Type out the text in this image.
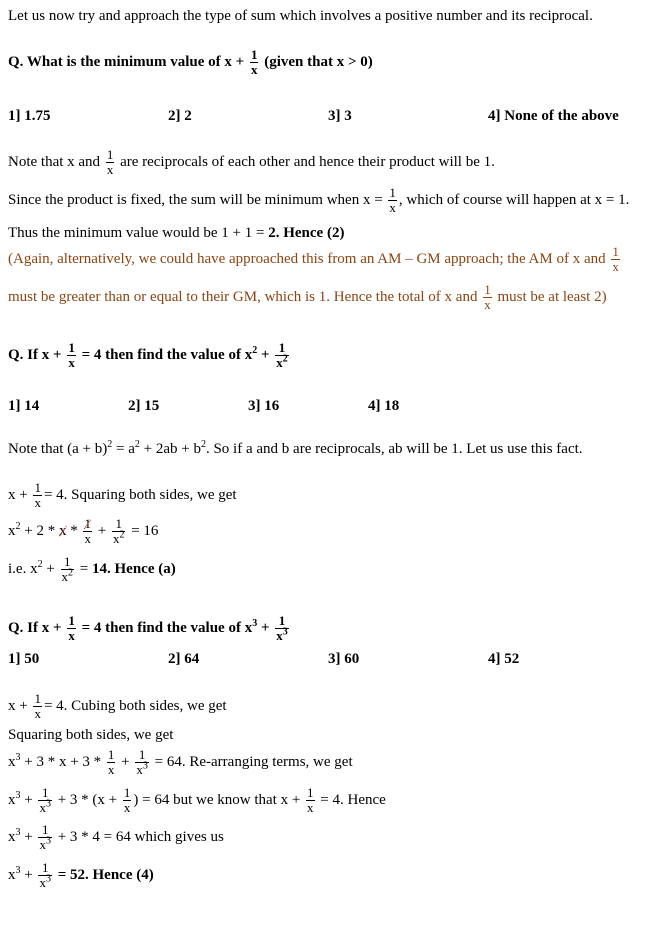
Let us now try and approach the type of sum which involves a positive number and its reciprocal.
Q. What is the minimum value of $x + \frac{1}{x}$ (given that x > 0)
1] 1.75	2] 2	3] 3	4] None of the above
Note that x and $\frac{1}{x}$ are reciprocals of each other and hence their product will be 1.
Since the product is fixed, the sum will be minimum when $x = \frac{1}{x}$ , which of course will happen at x = 1.
Thus the minimum value would be 1 + 1 = 2. Hence (2)
(Again, alternatively, we could have approached this from an AM – GM approach; the AM of x and $\frac{1}{x}$
must be greater than or equal to their GM, which is 1. Hence the total of x and $\frac{1}{x}$ must be at least 2)
Q. If $x + \frac{1}{x} = 4$ then find the value of $x^2 + \frac{1}{x^2}$
1] 14	2] 15	3] 16	4] 18
Note that $(a + b)^2 = a^2 + 2ab + b^2$. So if a and b are reciprocals, ab will be 1. Let us use this fact.
$x + \frac{1}{x} = 4$. Squaring both sides, we get
$x^2 + 2 * x * \frac{1}{x} + \frac{1}{x^2} = 16$
i.e. $x^2 + \frac{1}{x^2} = 14$. Hence (a)
Q. If $x + \frac{1}{x} = 4$ then find the value of $x^3 + \frac{1}{x^3}$
1] 50	2] 64	3] 60	4] 52
$x + \frac{1}{x} = 4$. Cubing both sides, we get
Squaring both sides, we get
$x^3 + 3 * x + 3 * \frac{1}{x} + \frac{1}{x^3} = 64$. Re-arranging terms, we get
$x^3 + \frac{1}{x^3} + 3 * (x + \frac{1}{x}$ ) = 64 but we know that $x + \frac{1}{x} = 4$. Hence
$x^3 + \frac{1}{x^3} + 3 * 4 = 64$ which gives us
$x^3 + \frac{1}{x^3} = 52$. Hence (4)
